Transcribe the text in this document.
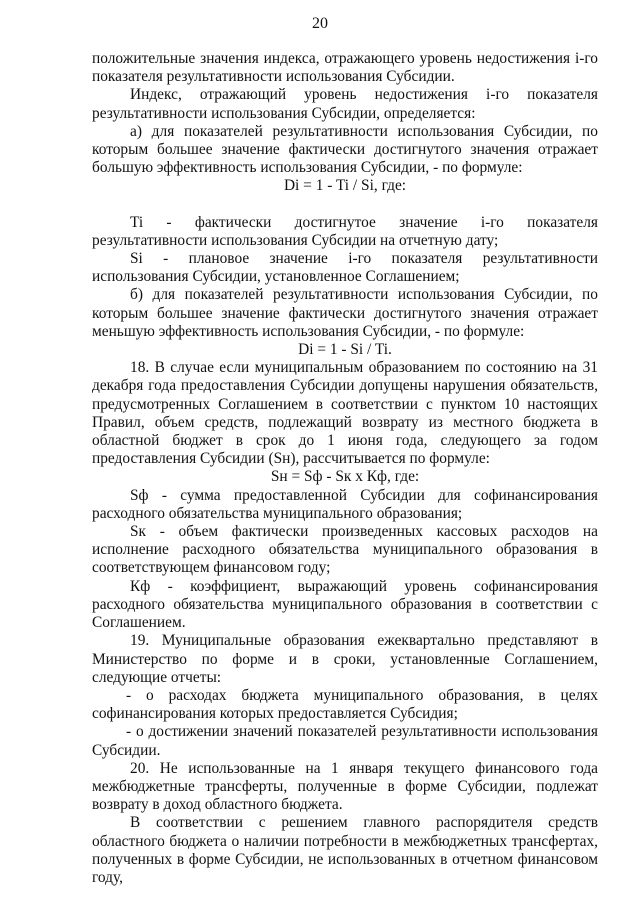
20

положительные значения индекса, отражающего уровень недостижения i-го показателя результативности использования Субсидии.

Индекс, отражающий уровень недостижения i-го показателя результативности использования Субсидии, определяется:

а) для показателей результативности использования Субсидии, по которым большее значение фактически достигнутого значения отражает большую эффективность использования Субсидии, - по формуле:

Di = 1 - Ti / Si, где:

Ti - фактически достигнутое значение i-го показателя результативности использования Субсидии на отчетную дату;

Si - плановое значение i-го показателя результативности использования Субсидии, установленное Соглашением;

б) для показателей результативности использования Субсидии, по которым большее значение фактически достигнутого значения отражает меньшую эффективность использования Субсидии, - по формуле:

Di = 1 - Si / Ti.

18. В случае если муниципальным образованием по состоянию на 31 декабря года предоставления Субсидии допущены нарушения обязательств, предусмотренных Соглашением в соответствии с пунктом 10 настоящих Правил, объем средств, подлежащий возврату из местного бюджета в областной бюджет в срок до 1 июня года, следующего за годом предоставления Субсидии (Sн), рассчитывается по формуле:

Sн = Sф - Sк x Кф, где:

Sф - сумма предоставленной Субсидии для софинансирования расходного обязательства муниципального образования;

Sк - объем фактически произведенных кассовых расходов на исполнение расходного обязательства муниципального образования в соответствующем финансовом году;

Кф - коэффициент, выражающий уровень софинансирования расходного обязательства муниципального образования в соответствии с Соглашением.

19. Муниципальные образования ежеквартально представляют в Министерство по форме и в сроки, установленные Соглашением, следующие отчеты:

- о расходах бюджета муниципального образования, в целях софинансирования которых предоставляется Субсидия;

- о достижении значений показателей результативности использования Субсидии.

20. Не использованные на 1 января текущего финансового года межбюджетные трансферты, полученные в форме Субсидии, подлежат возврату в доход областного бюджета.

В соответствии с решением главного распорядителя средств областного бюджета о наличии потребности в межбюджетных трансфертах, полученных в форме Субсидии, не использованных в отчетном финансовом году,
